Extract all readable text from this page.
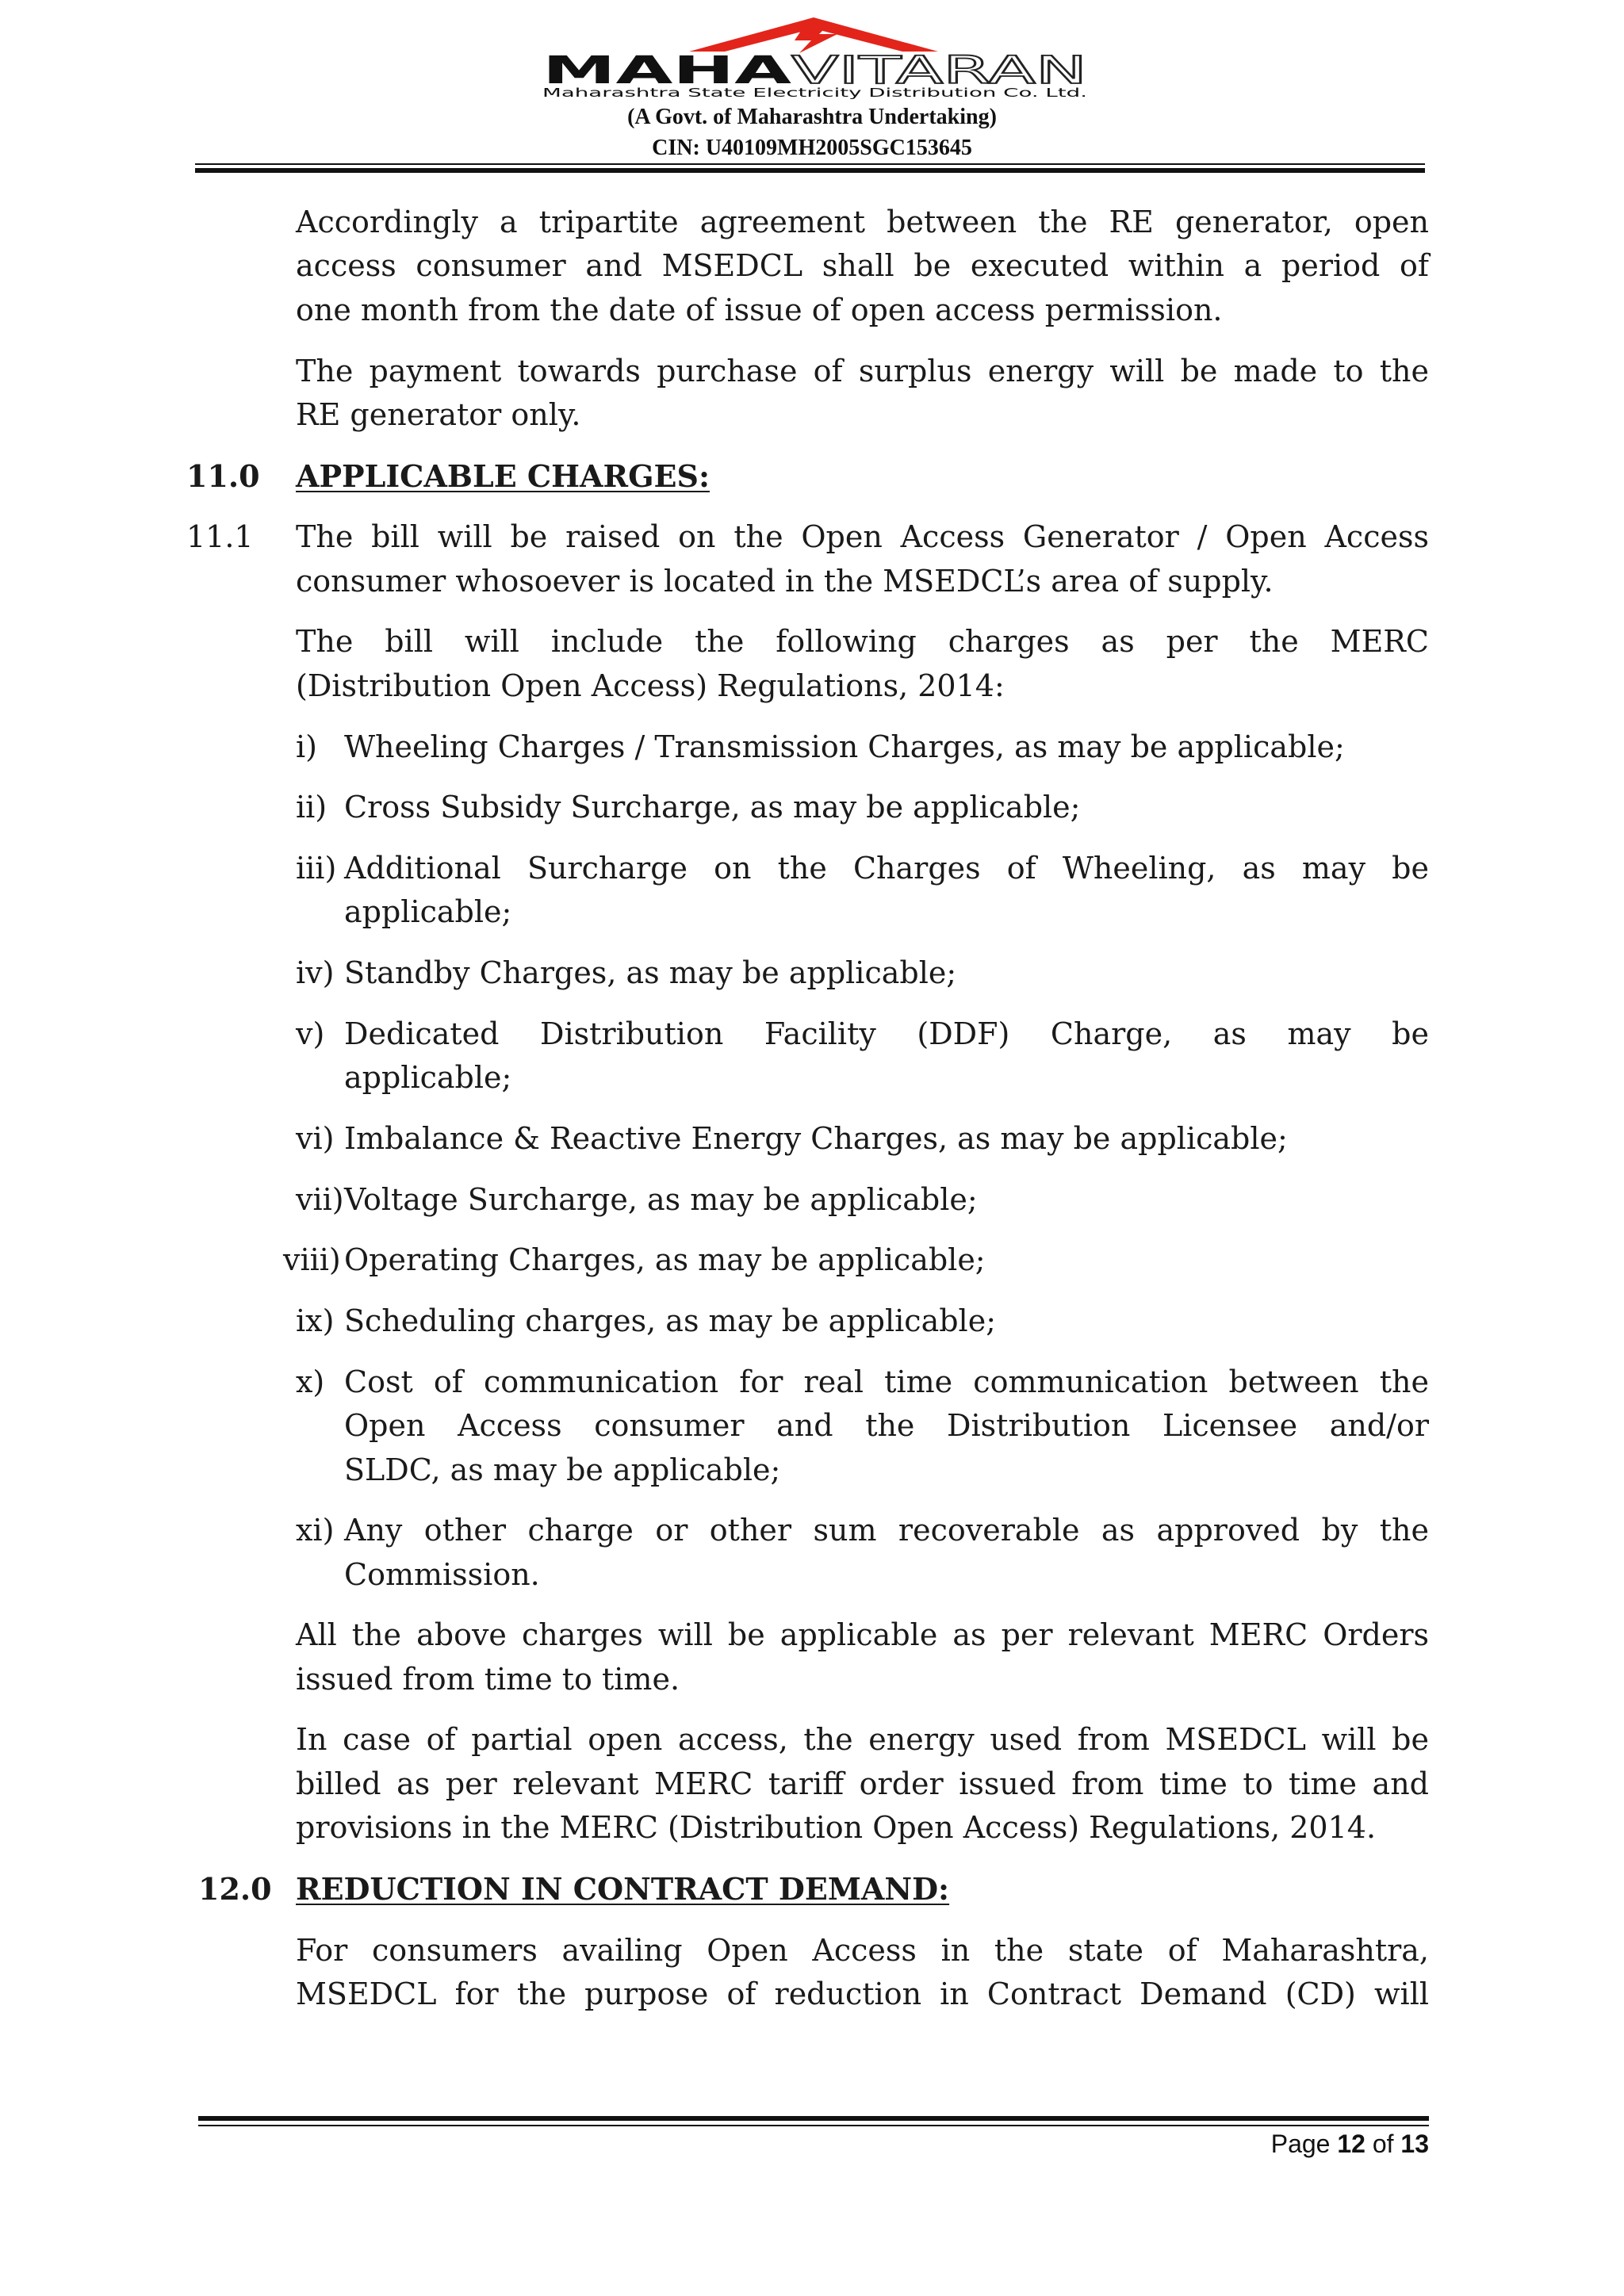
MAHA VITARAN
Maharashtra State Electricity Distribution Co. Ltd.
(A Govt. of Maharashtra Undertaking)
CIN: U40109MH2005SGC153645
Accordingly a tripartite agreement between the RE generator, open
access consumer and MSEDCL shall be executed within a period of
one month from the date of issue of open access permission.
The payment towards purchase of surplus energy will be made to the
RE generator only.
11.0 APPLICABLE CHARGES:
11.1 The bill will be raised on the Open Access Generator / Open Access
consumer whosoever is located in the MSEDCL’s area of supply.
The bill will include the following charges as per the MERC
(Distribution Open Access) Regulations, 2014:
i) Wheeling Charges / Transmission Charges, as may be applicable;
ii) Cross Subsidy Surcharge, as may be applicable;
iii) Additional Surcharge on the Charges of Wheeling, as may be
applicable;
iv) Standby Charges, as may be applicable;
v) Dedicated Distribution Facility (DDF) Charge, as may be
applicable;
vi) Imbalance & Reactive Energy Charges, as may be applicable;
vii) Voltage Surcharge, as may be applicable;
viii) Operating Charges, as may be applicable;
ix) Scheduling charges, as may be applicable;
x) Cost of communication for real time communication between the
Open Access consumer and the Distribution Licensee and/or
SLDC, as may be applicable;
xi) Any other charge or other sum recoverable as approved by the
Commission.
All the above charges will be applicable as per relevant MERC Orders
issued from time to time.
In case of partial open access, the energy used from MSEDCL will be
billed as per relevant MERC tariff order issued from time to time and
provisions in the MERC (Distribution Open Access) Regulations, 2014.
12.0 REDUCTION IN CONTRACT DEMAND:
For consumers availing Open Access in the state of Maharashtra,
MSEDCL for the purpose of reduction in Contract Demand (CD) will
Page 12 of 13
